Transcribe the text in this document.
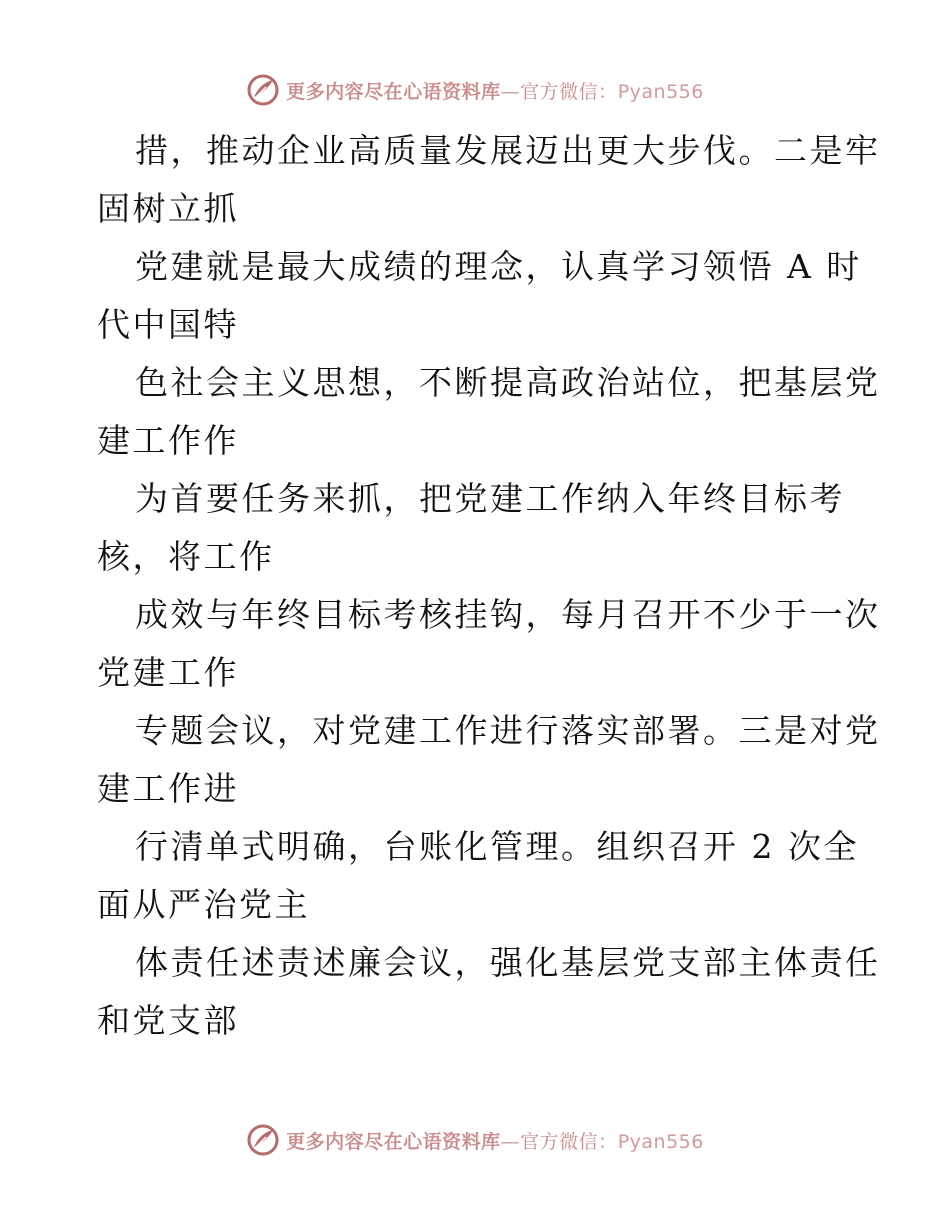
更多内容尽在心语资料库—官方微信：Pyan556
措，推动企业高质量发展迈出更大步伐。二是牢
固树立抓
党建就是最大成绩的理念，认真学习领悟 A 时
代中国特
色社会主义思想，不断提高政治站位，把基层党
建工作作
为首要任务来抓，把党建工作纳入年终目标考
核，将工作
成效与年终目标考核挂钩，每月召开不少于一次
党建工作
专题会议，对党建工作进行落实部署。三是对党
建工作进
行清单式明确，台账化管理。组织召开 2 次全
面从严治党主
体责任述责述廉会议，强化基层党支部主体责任
和党支部
更多内容尽在心语资料库—官方微信：Pyan556
